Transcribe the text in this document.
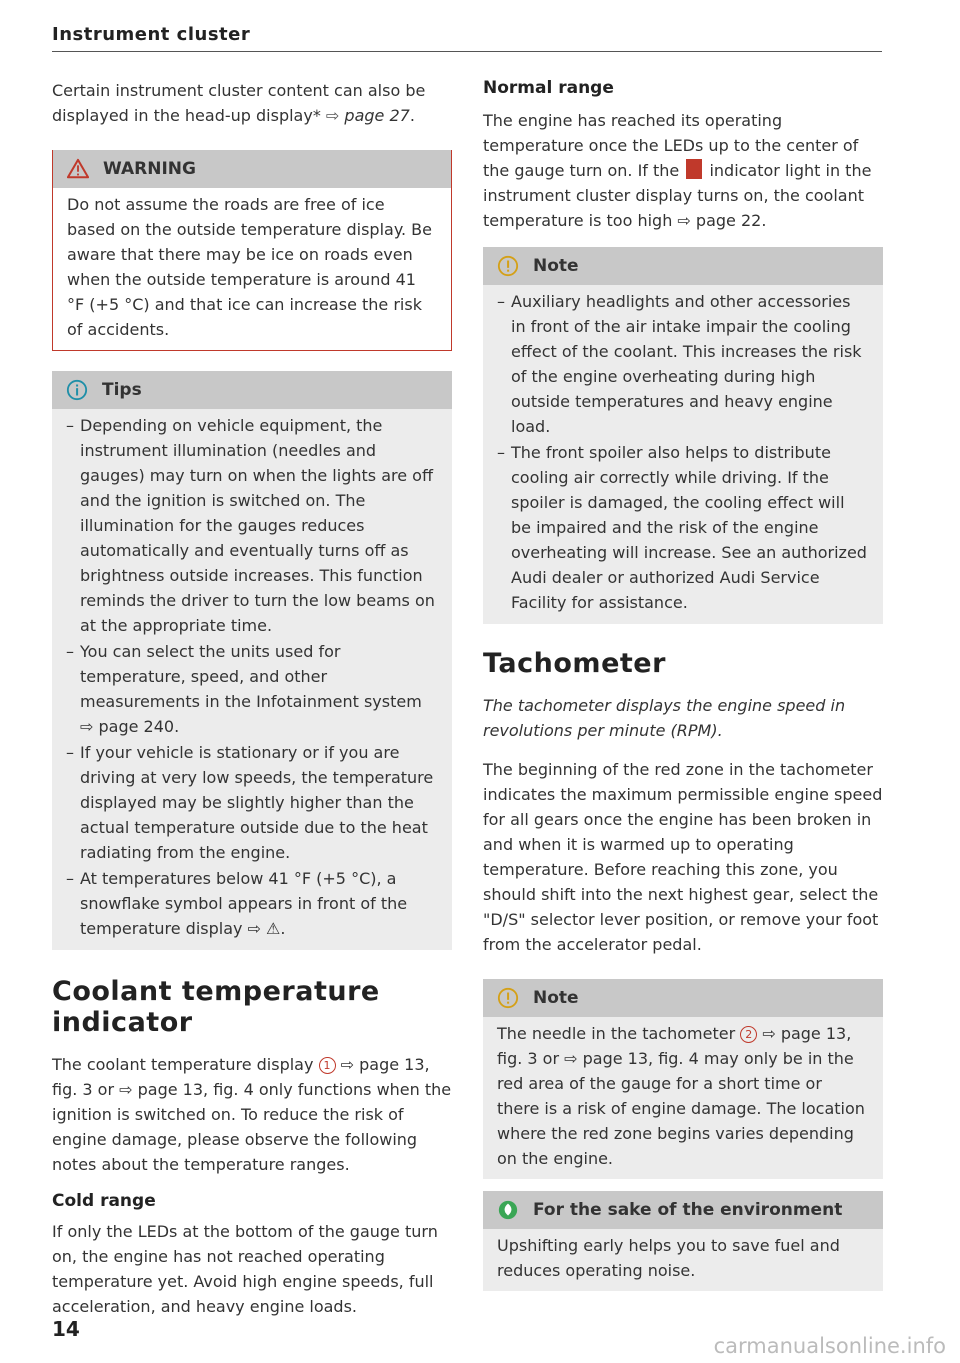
Instrument cluster

Certain instrument cluster content can also be displayed in the head-up display* ⇨ page 27.

WARNING
Do not assume the roads are free of ice based on the outside temperature display. Be aware that there may be ice on roads even when the outside temperature is around 41 °F (+5 °C) and that ice can increase the risk of accidents.
Tips
– Depending on vehicle equipment, the instrument illumination (needles and gauges) may turn on when the lights are off and the ignition is switched on. The illumination for the gauges reduces automatically and eventually turns off as brightness outside increases. This function reminds the driver to turn the low beams on at the appropriate time.
– You can select the units used for temperature, speed, and other measurements in the Infotainment system ⇨ page 240.
– If your vehicle is stationary or if you are driving at very low speeds, the temperature displayed may be slightly higher than the actual temperature outside due to the heat radiating from the engine.
– At temperatures below 41 °F (+5 °C), a snowflake symbol appears in front of the temperature display ⇨ ⚠.
Coolant temperature indicator

The coolant temperature display 1 ⇨ page 13, fig. 3 or ⇨ page 13, fig. 4 only functions when the ignition is switched on. To reduce the risk of engine damage, please observe the following notes about the temperature ranges.

Cold range

If only the LEDs at the bottom of the gauge turn on, the engine has not reached operating temperature yet. Avoid high engine speeds, full acceleration, and heavy engine loads.

Normal range

The engine has reached its operating temperature once the LEDs up to the center of the gauge turn on. If the  indicator light in the instrument cluster display turns on, the coolant temperature is too high ⇨ page 22.

Note
– Auxiliary headlights and other accessories in front of the air intake impair the cooling effect of the coolant. This increases the risk of the engine overheating during high outside temperatures and heavy engine load.
– The front spoiler also helps to distribute cooling air correctly while driving. If the spoiler is damaged, the cooling effect will be impaired and the risk of the engine overheating will increase. See an authorized Audi dealer or authorized Audi Service Facility for assistance.
Tachometer

The tachometer displays the engine speed in revolutions per minute (RPM).

The beginning of the red zone in the tachometer indicates the maximum permissible engine speed for all gears once the engine has been broken in and when it is warmed up to operating temperature. Before reaching this zone, you should shift into the next highest gear, select the "D/S" selector lever position, or remove your foot from the accelerator pedal.

Note
The needle in the tachometer 2 ⇨ page 13, fig. 3 or ⇨ page 13, fig. 4 may only be in the red area of the gauge for a short time or there is a risk of engine damage. The location where the red zone begins varies depending on the engine.
For the sake of the environment
Upshifting early helps you to save fuel and reduces operating noise.
14
carmanualsonline.info
